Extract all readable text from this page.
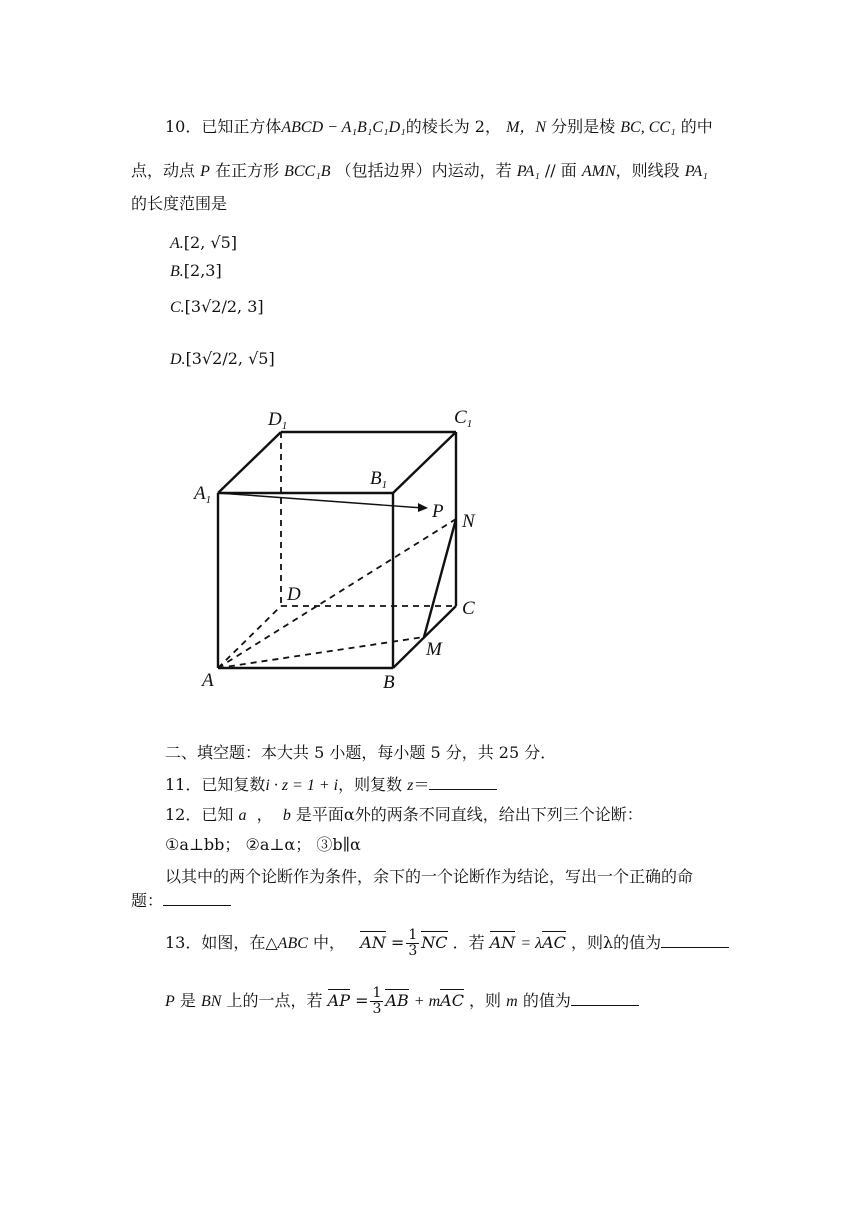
10．已知正方体ABCD − A₁B₁C₁D₁的棱长为 2， M，N 分别是棱 BC, CC₁ 的中
点，动点 P 在正方形 BCC₁B （包括边界）内运动，若 PA₁ // 面 AMN，则线段 PA₁
的长度范围是
A.[2, √5]
B.[2,3]
C.[3√2/2, 3]
D.[3√2/2, √5]
$D_1$	$C_1$
$B_1$
$A_1$
P N
D
C
M
A	B
二、填空题：本大共 5 小题，每小题 5 分，共 25 分．
11．已知复数i · z = 1 + i，则复数 z＝
12．已知 a ， b 是平面α外的两条不同直线，给出下列三个论断：
①a⊥bb； ②a⊥α； ③b∥α
以其中的两个论断作为条件，余下的一个论断作为结论，写出一个正确的命
题：
13．如图，在△ABC 中， AN = $\frac{1}{3}$ NC ．若 AN = λAC ，则λ的值为
P 是 BN 上的一点，若 AP = $\frac{1}{3}$ AB + mAC ，则 m 的值为
